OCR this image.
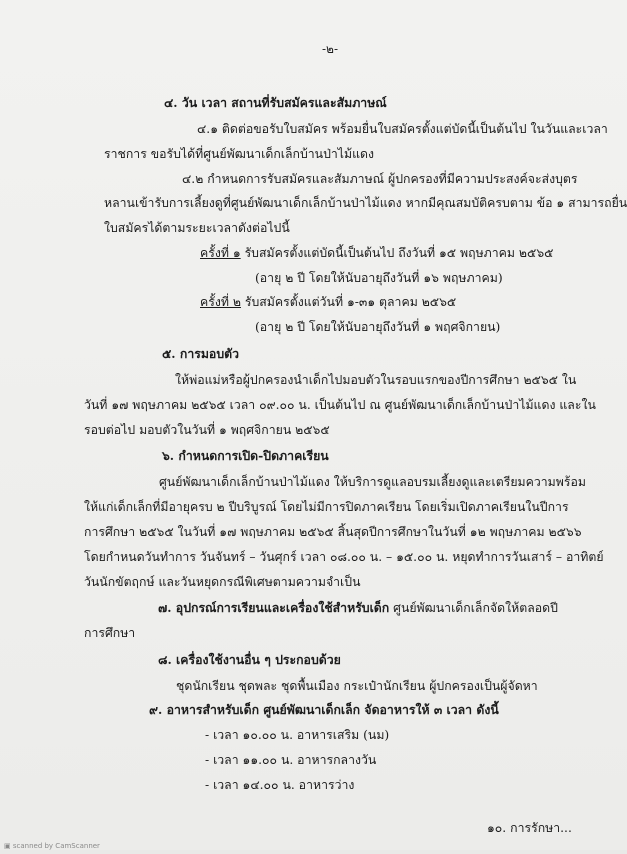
-๒-
๔. วัน เวลา สถานที่รับสมัครและสัมภาษณ์
๔.๑ ติดต่อขอรับใบสมัคร พร้อมยื่นใบสมัครตั้งแต่บัดนี้เป็นต้นไป ในวันและเวลา
ราชการ ขอรับได้ที่ศูนย์พัฒนาเด็กเล็กบ้านป่าไม้แดง
๔.๒ กำหนดการรับสมัครและสัมภาษณ์ ผู้ปกครองที่มีความประสงค์จะส่งบุตร
หลานเข้ารับการเลี้ยงดูที่ศูนย์พัฒนาเด็กเล็กบ้านป่าไม้แดง หากมีคุณสมบัติครบตาม ข้อ ๑ สามารถยื่น
ใบสมัครได้ตามระยะเวลาดังต่อไปนี้
ครั้งที่ ๑ รับสมัครตั้งแต่บัดนี้เป็นต้นไป ถึงวันที่ ๑๕ พฤษภาคม ๒๕๖๕
(อายุ ๒ ปี โดยให้นับอายุถึงวันที่ ๑๖ พฤษภาคม)
ครั้งที่ ๒ รับสมัครตั้งแต่วันที่ ๑-๓๑ ตุลาคม ๒๕๖๕
(อายุ ๒ ปี โดยให้นับอายุถึงวันที่ ๑ พฤศจิกายน)
๕. การมอบตัว
ให้พ่อแม่หรือผู้ปกครองนำเด็กไปมอบตัวในรอบแรกของปีการศึกษา ๒๕๖๕ ใน
วันที่ ๑๗ พฤษภาคม ๒๕๖๕ เวลา ๐๙.๐๐ น. เป็นต้นไป ณ ศูนย์พัฒนาเด็กเล็กบ้านป่าไม้แดง และใน
รอบต่อไป มอบตัวในวันที่ ๑ พฤศจิกายน ๒๕๖๕
๖. กำหนดการเปิด-ปิดภาคเรียน
ศูนย์พัฒนาเด็กเล็กบ้านป่าไม้แดง ให้บริการดูแลอบรมเลี้ยงดูและเตรียมความพร้อม
ให้แก่เด็กเล็กที่มีอายุครบ ๒ ปีบริบูรณ์ โดยไม่มีการปิดภาคเรียน โดยเริ่มเปิดภาคเรียนในปีการ
การศึกษา ๒๕๖๕ ในวันที่ ๑๗ พฤษภาคม ๒๕๖๕ สิ้นสุดปีการศึกษาในวันที่ ๑๒ พฤษภาคม ๒๕๖๖
โดยกำหนดวันทำการ วันจันทร์ – วันศุกร์ เวลา ๐๘.๐๐ น. – ๑๕.๐๐ น. หยุดทำการวันเสาร์ – อาทิตย์
วันนักขัตฤกษ์ และวันหยุดกรณีพิเศษตามความจำเป็น
๗. อุปกรณ์การเรียนและเครื่องใช้สำหรับเด็ก ศูนย์พัฒนาเด็กเล็กจัดให้ตลอดปี
การศึกษา
๘. เครื่องใช้งานอื่น ๆ ประกอบด้วย
ชุดนักเรียน ชุดพละ ชุดพื้นเมือง กระเป๋านักเรียน ผู้ปกครองเป็นผู้จัดหา
๙. อาหารสำหรับเด็ก ศูนย์พัฒนาเด็กเล็ก จัดอาหารให้ ๓ เวลา ดังนี้
- เวลา ๑๐.๐๐ น. อาหารเสริม (นม)
- เวลา ๑๑.๐๐ น. อาหารกลางวัน
- เวลา ๑๔.๐๐ น. อาหารว่าง
๑๐. การรักษา...
▣ scanned by CamScanner
